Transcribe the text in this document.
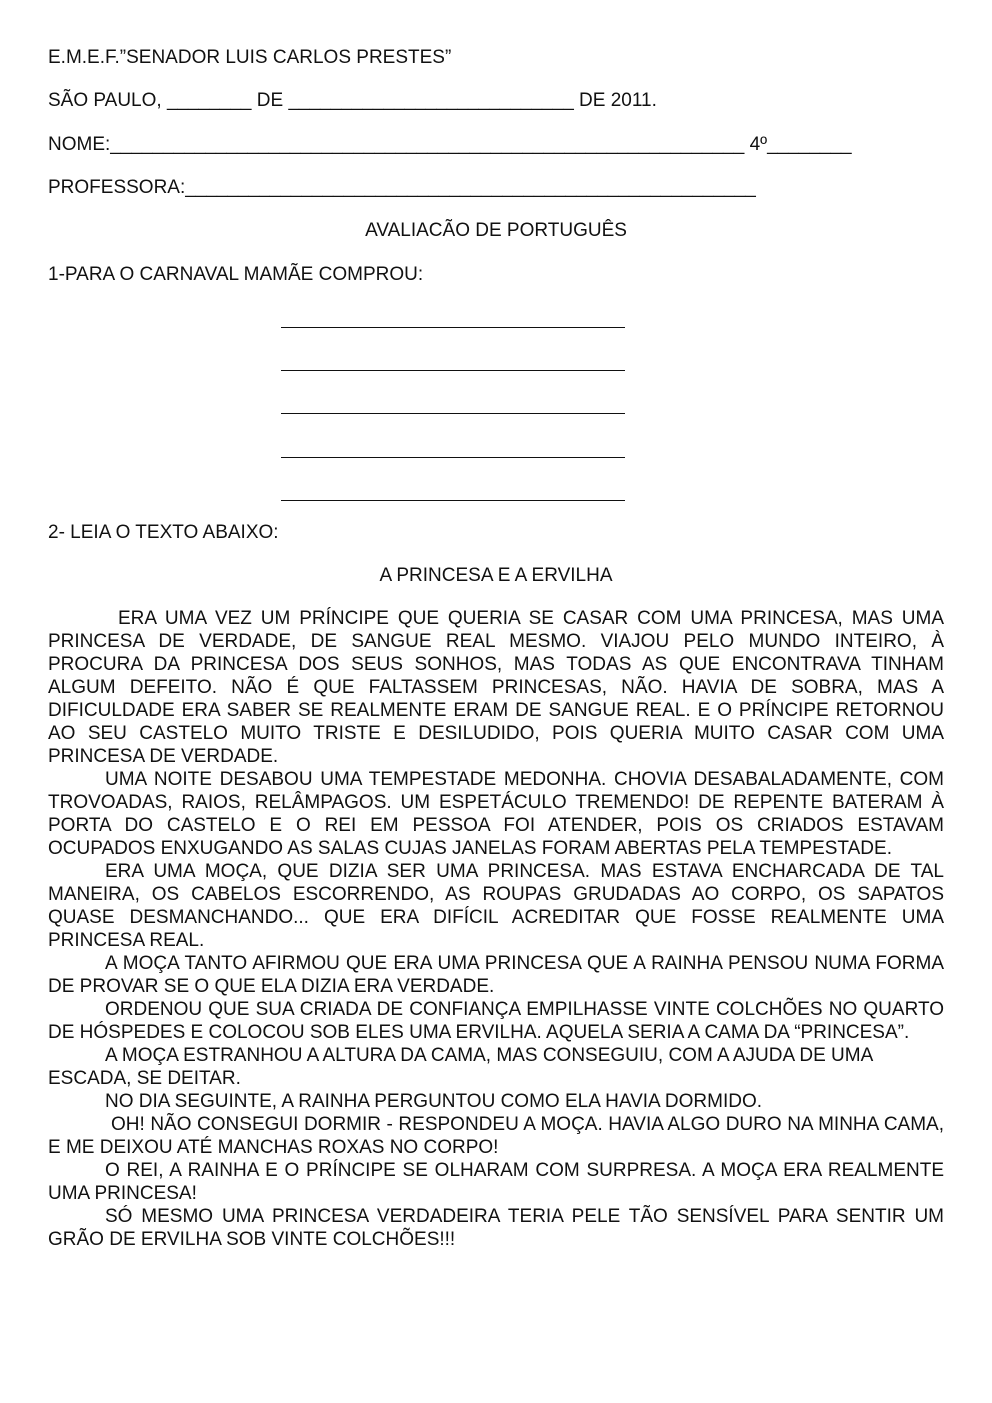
E.M.E.F.”SENADOR LUIS CARLOS PRESTES”
SÃO PAULO, ________ DE ___________________________ DE 2011.
NOME:____________________________________________________________ 4º________
PROFESSORA:______________________________________________________
AVALIACÃO DE PORTUGUÊS
1-PARA O CARNAVAL MAMÃE COMPROU:
2- LEIA O TEXTO ABAIXO:
A PRINCESA E A ERVILHA

ERA UMA VEZ UM PRÍNCIPE QUE QUERIA SE CASAR COM UMA PRINCESA, MAS UMA PRINCESA DE VERDADE, DE SANGUE REAL MESMO. VIAJOU PELO MUNDO INTEIRO, À PROCURA DA PRINCESA DOS SEUS SONHOS, MAS TODAS AS QUE ENCONTRAVA TINHAM ALGUM DEFEITO. NÃO É QUE FALTASSEM PRINCESAS, NÃO. HAVIA DE SOBRA, MAS A DIFICULDADE ERA SABER SE REALMENTE ERAM DE SANGUE REAL. E O PRÍNCIPE RETORNOU AO SEU CASTELO MUITO TRISTE E DESILUDIDO, POIS QUERIA MUITO CASAR COM UMA PRINCESA DE VERDADE.

UMA NOITE DESABOU UMA TEMPESTADE MEDONHA. CHOVIA DESABALADAMENTE, COM TROVOADAS, RAIOS, RELÂMPAGOS. UM ESPETÁCULO TREMENDO! DE REPENTE BATERAM À PORTA DO CASTELO E O REI EM PESSOA FOI ATENDER, POIS OS CRIADOS ESTAVAM OCUPADOS ENXUGANDO AS SALAS CUJAS JANELAS FORAM ABERTAS PELA TEMPESTADE.

ERA UMA MOÇA, QUE DIZIA SER UMA PRINCESA. MAS ESTAVA ENCHARCADA DE TAL MANEIRA, OS CABELOS ESCORRENDO, AS ROUPAS GRUDADAS AO CORPO, OS SAPATOS QUASE DESMANCHANDO... QUE ERA DIFÍCIL ACREDITAR QUE FOSSE REALMENTE UMA PRINCESA REAL.

A MOÇA TANTO AFIRMOU QUE ERA UMA PRINCESA QUE A RAINHA PENSOU NUMA FORMA DE PROVAR SE O QUE ELA DIZIA ERA VERDADE.

ORDENOU QUE SUA CRIADA DE CONFIANÇA EMPILHASSE VINTE COLCHÕES NO QUARTO DE HÓSPEDES E COLOCOU SOB ELES UMA ERVILHA. AQUELA SERIA A CAMA DA “PRINCESA”.

A MOÇA ESTRANHOU A ALTURA DA CAMA, MAS CONSEGUIU, COM A AJUDA DE UMA ESCADA, SE DEITAR.

NO DIA SEGUINTE, A RAINHA PERGUNTOU COMO ELA HAVIA DORMIDO.

OH! NÃO CONSEGUI DORMIR - RESPONDEU A MOÇA. HAVIA ALGO DURO NA MINHA CAMA, E ME DEIXOU ATÉ MANCHAS ROXAS NO CORPO!

O REI, A RAINHA E O PRÍNCIPE SE OLHARAM COM SURPRESA. A MOÇA ERA REALMENTE UMA PRINCESA!

SÓ MESMO UMA PRINCESA VERDADEIRA TERIA PELE TÃO SENSÍVEL PARA SENTIR UM GRÃO DE ERVILHA SOB VINTE COLCHÕES!!!
